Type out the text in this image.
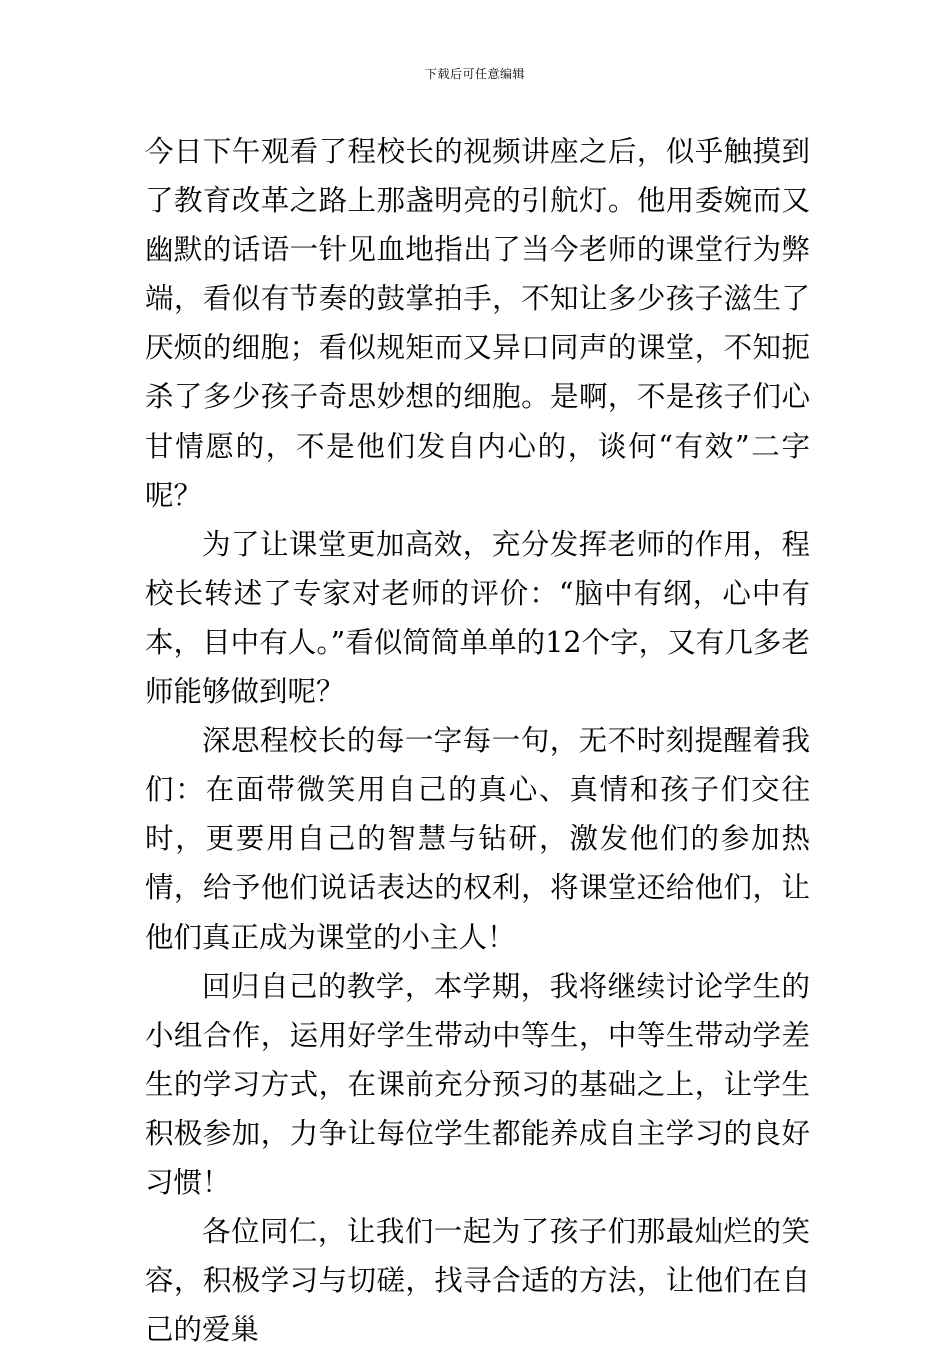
下载后可任意编辑

今日下午观看了程校长的视频讲座之后，似乎触摸到了教育改革之路上那盏明亮的引航灯。他用委婉而又幽默的话语一针见血地指出了当今老师的课堂行为弊端，看似有节奏的鼓掌拍手，不知让多少孩子滋生了厌烦的细胞；看似规矩而又异口同声的课堂，不知扼杀了多少孩子奇思妙想的细胞。是啊，不是孩子们心甘情愿的，不是他们发自内心的，谈何“有效”二字呢？

为了让课堂更加高效，充分发挥老师的作用，程校长转述了专家对老师的评价：“脑中有纲，心中有本，目中有人。”看似简简单单的12个字，又有几多老师能够做到呢？

深思程校长的每一字每一句，无不时刻提醒着我们：在面带微笑用自己的真心、真情和孩子们交往时，更要用自己的智慧与钻研，激发他们的参加热情，给予他们说话表达的权利，将课堂还给他们，让他们真正成为课堂的小主人！

回归自己的教学，本学期，我将继续讨论学生的小组合作，运用好学生带动中等生，中等生带动学差生的学习方式，在课前充分预习的基础之上，让学生积极参加，力争让每位学生都能养成自主学习的良好习惯！

各位同仁，让我们一起为了孩子们那最灿烂的笑容，积极学习与切磋，找寻合适的方法，让他们在自己的爱巢
